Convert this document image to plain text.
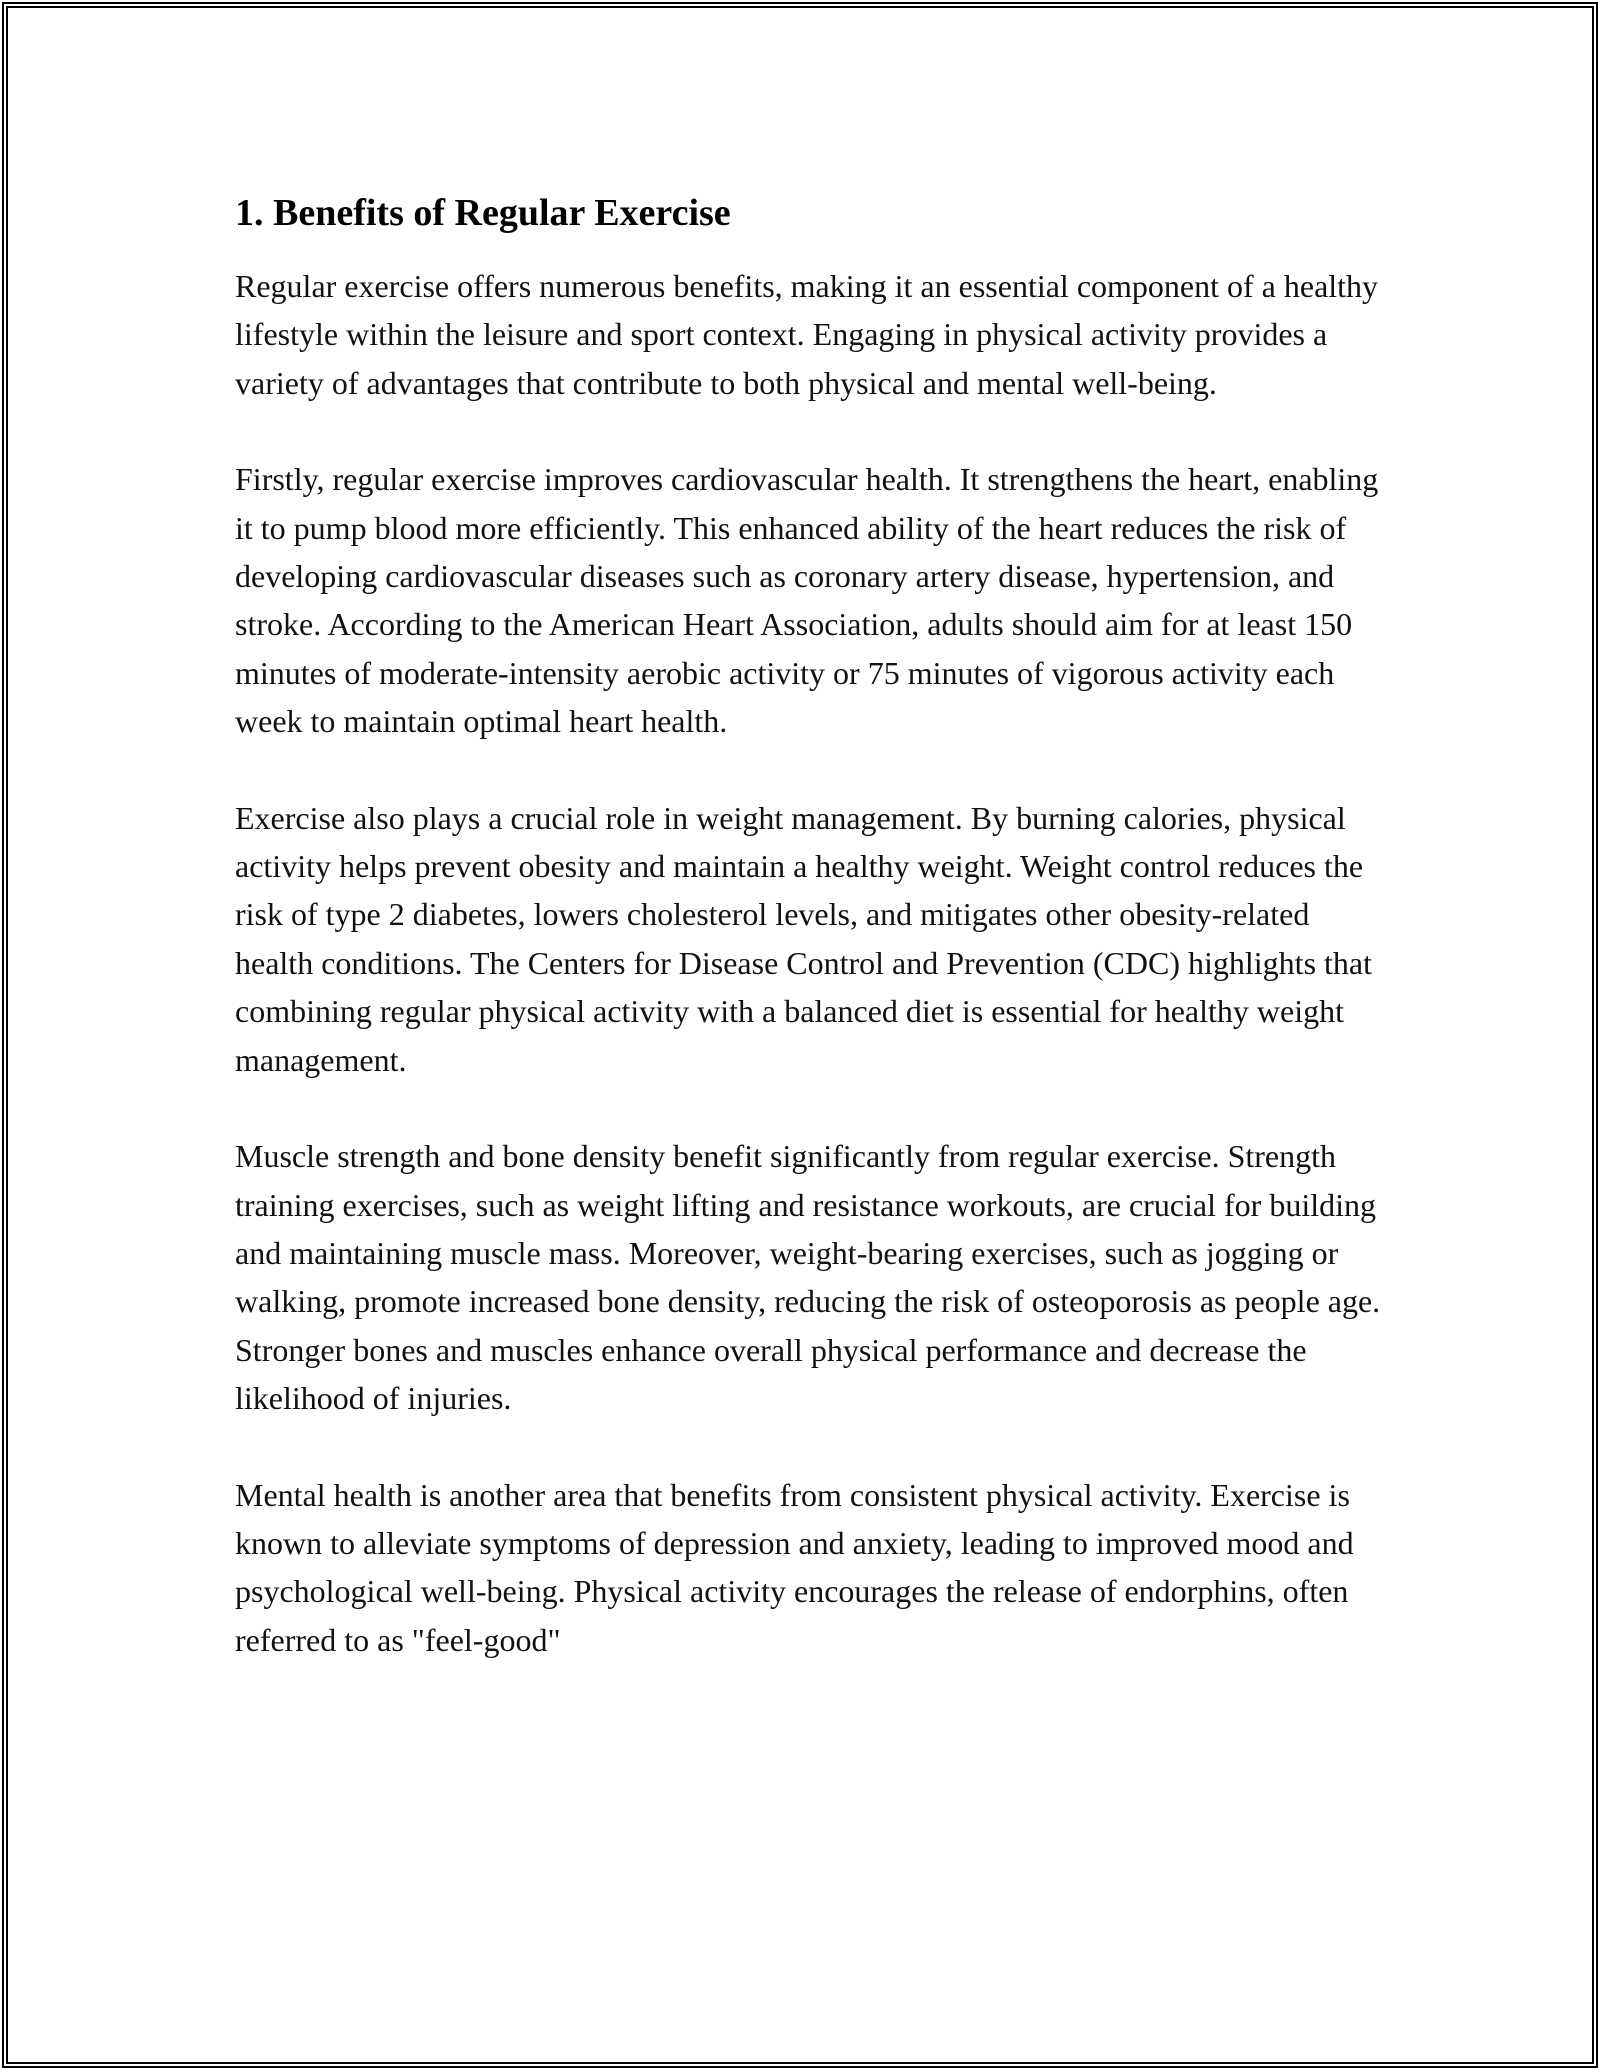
1. Benefits of Regular Exercise

Regular exercise offers numerous benefits, making it an essential component of a healthy lifestyle within the leisure and sport context. Engaging in physical activity provides a variety of advantages that contribute to both physical and mental well-being.

Firstly, regular exercise improves cardiovascular health. It strengthens the heart, enabling it to pump blood more efficiently. This enhanced ability of the heart reduces the risk of developing cardiovascular diseases such as coronary artery disease, hypertension, and stroke. According to the American Heart Association, adults should aim for at least 150 minutes of moderate-intensity aerobic activity or 75 minutes of vigorous activity each week to maintain optimal heart health.

Exercise also plays a crucial role in weight management. By burning calories, physical activity helps prevent obesity and maintain a healthy weight. Weight control reduces the risk of type 2 diabetes, lowers cholesterol levels, and mitigates other obesity-related health conditions. The Centers for Disease Control and Prevention (CDC) highlights that combining regular physical activity with a balanced diet is essential for healthy weight management.

Muscle strength and bone density benefit significantly from regular exercise. Strength training exercises, such as weight lifting and resistance workouts, are crucial for building and maintaining muscle mass. Moreover, weight-bearing exercises, such as jogging or walking, promote increased bone density, reducing the risk of osteoporosis as people age. Stronger bones and muscles enhance overall physical performance and decrease the likelihood of injuries.

Mental health is another area that benefits from consistent physical activity. Exercise is known to alleviate symptoms of depression and anxiety, leading to improved mood and psychological well-being. Physical activity encourages the release of endorphins, often referred to as "feel-good"
